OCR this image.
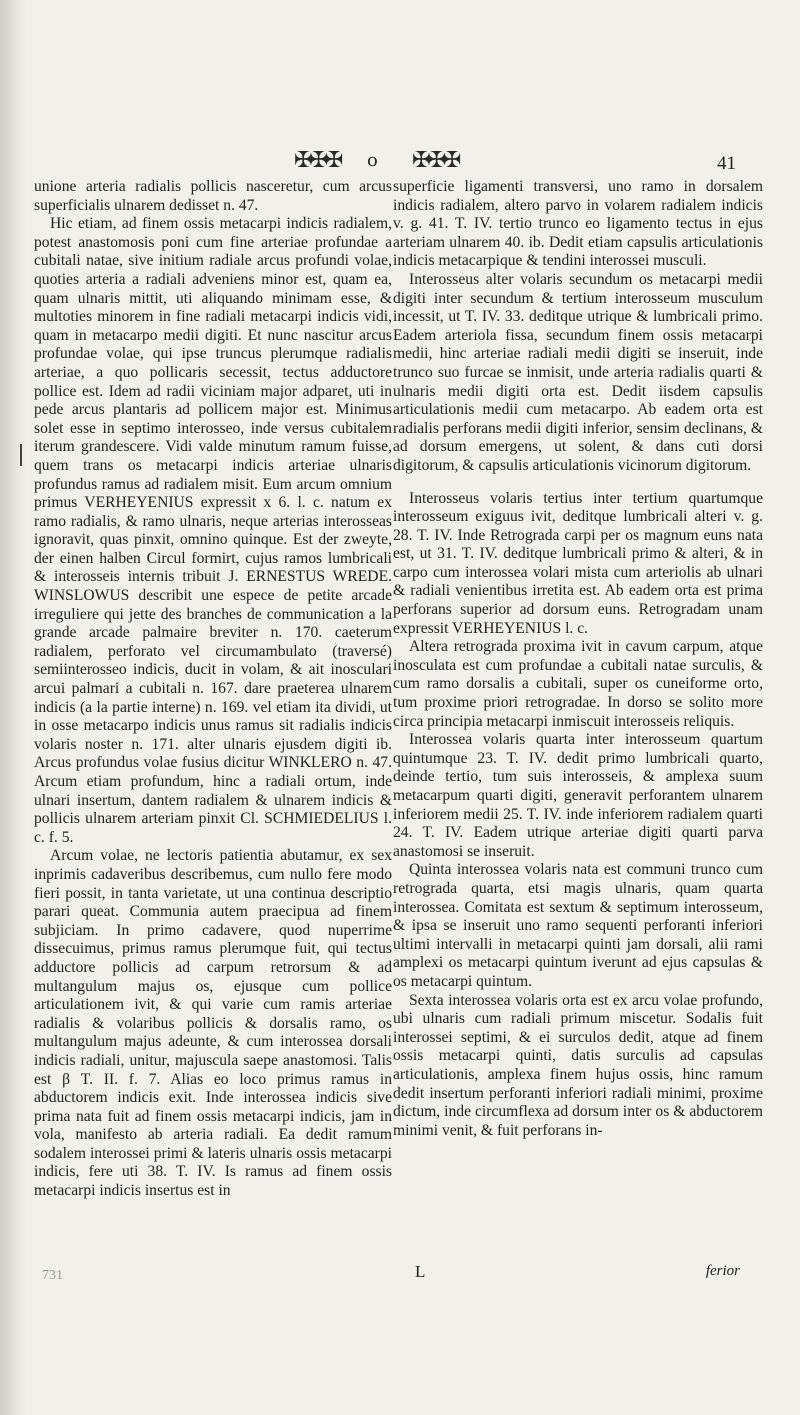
✠✠✠ o ✠✠✠	41

unione arteria radialis pollicis nasceretur, cum arcus superficialis ulnarem dedisset n. 47.

Hic etiam, ad finem ossis metacarpi indicis radialem, potest anastomosis poni cum fine arteriae profundae a cubitali natae, sive initium radiale arcus profundi volae, quoties arteria a radiali adveniens minor est, quam ea, quam ulnaris mittit, uti aliquando minimam esse, & multoties minorem in fine radiali metacarpi indicis vidi, quam in metacarpo medii digiti. Et nunc nascitur arcus profundae volae, qui ipse truncus plerumque radialis arteriae, a quo pollicaris secessit, tectus adductore pollice est. Idem ad radii viciniam major adparet, uti in pede arcus plantaris ad pollicem major est. Minimus solet esse in septimo interosseo, inde versus cubitalem iterum grandescere. Vidi valde minutum ramum fuisse, quem trans os metacarpi indicis arteriae ulnaris profundus ramus ad radialem misit. Eum arcum omnium primus VERHEYENIUS expressit x 6. l. c. natum ex ramo radialis, & ramo ulnaris, neque arterias interosseas ignoravit, quas pinxit, omnino quinque. Est der zweyte, der einen halben Circul formirt, cujus ramos lumbricali & interosseis internis tribuit J. ERNESTUS WREDE. WINSLOWUS describit une espece de petite arcade irreguliere qui jette des branches de communication a la grande arcade palmaire breviter n. 170. caeterum radialem, perforato vel circumambulato (traversé) semiinterosseo indicis, ducit in volam, & ait inosculari arcui palmari a cubitali n. 167. dare praeterea ulnarem indicis (a la partie interne) n. 169. vel etiam ita dividi, ut in osse metacarpo indicis unus ramus sit radialis indicis volaris noster n. 171. alter ulnaris ejusdem digiti ib. Arcus profundus volae fusius dicitur WINKLERO n. 47. Arcum etiam profundum, hinc a radiali ortum, inde ulnari insertum, dantem radialem & ulnarem indicis & pollicis ulnarem arteriam pinxit Cl. SCHMIEDELIUS l. c. f. 5.

Arcum volae, ne lectoris patientia abutamur, ex sex inprimis cadaveribus describemus, cum nullo fere modo fieri possit, in tanta varietate, ut una continua descriptio parari queat. Communia autem praecipua ad finem subjiciam. In primo cadavere, quod nuperrime dissecuimus, primus ramus plerumque fuit, qui tectus adductore pollicis ad carpum retrorsum & ad multangulum majus os, ejusque cum pollice articulationem ivit, & qui varie cum ramis arteriae radialis & volaribus pollicis & dorsalis ramo, os multangulum majus adeunte, & cum interossea dorsali indicis radiali, unitur, majuscula saepe anastomosi. Talis est β T. II. f. 7. Alias eo loco primus ramus in abductorem indicis exit. Inde interossea indicis sive prima nata fuit ad finem ossis metacarpi indicis, jam in vola, manifesto ab arteria radiali. Ea dedit ramum sodalem interossei primi & lateris ulnaris ossis metacarpi indicis, fere uti 38. T. IV. Is ramus ad finem ossis metacarpi indicis insertus est in

superficie ligamenti transversi, uno ramo in dorsalem indicis radialem, altero parvo in volarem radialem indicis v. g. 41. T. IV. tertio trunco eo ligamento tectus in ejus arteriam ulnarem 40. ib. Dedit etiam capsulis articulationis indicis metacarpique & tendini interossei musculi.

Interosseus alter volaris secundum os metacarpi medii digiti inter secundum & tertium interosseum musculum incessit, ut T. IV. 33. deditque utrique & lumbricali primo. Eadem arteriola fissa, secundum finem ossis metacarpi medii, hinc arteriae radiali medii digiti se inseruit, inde trunco suo furcae se inmisit, unde arteria radialis quarti & ulnaris medii digiti orta est. Dedit iisdem capsulis articulationis medii cum metacarpo. Ab eadem orta est radialis perforans medii digiti inferior, sensim declinans, & ad dorsum emergens, ut solent, & dans cuti dorsi digitorum, & capsulis articulationis vicinorum digitorum.

Interosseus volaris tertius inter tertium quartumque interosseum exiguus ivit, deditque lumbricali alteri v. g. 28. T. IV. Inde Retrograda carpi per os magnum euns nata est, ut 31. T. IV. deditque lumbricali primo & alteri, & in carpo cum interossea volari mista cum arteriolis ab ulnari & radiali venientibus irretita est. Ab eadem orta est prima perforans superior ad dorsum euns. Retrogradam unam expressit VERHEYENIUS l. c.

Altera retrograda proxima ivit in cavum carpum, atque inosculata est cum profundae a cubitali natae surculis, & cum ramo dorsalis a cubitali, super os cuneiforme orto, tum proxime priori retrogradae. In dorso se solito more circa principia metacarpi inmiscuit interosseis reliquis.

Interossea volaris quarta inter interosseum quartum quintumque 23. T. IV. dedit primo lumbricali quarto, deinde tertio, tum suis interosseis, & amplexa suum metacarpum quarti digiti, generavit perforantem ulnarem inferiorem medii 25. T. IV. inde inferiorem radialem quarti 24. T. IV. Eadem utrique arteriae digiti quarti parva anastomosi se inseruit.

Quinta interossea volaris nata est communi trunco cum retrograda quarta, etsi magis ulnaris, quam quarta interossea. Comitata est sextum & septimum interosseum, & ipsa se inseruit uno ramo sequenti perforanti inferiori ultimi intervalli in metacarpi quinti jam dorsali, alii rami amplexi os metacarpi quintum iverunt ad ejus capsulas & os metacarpi quintum.

Sexta interossea volaris orta est ex arcu volae profundo, ubi ulnaris cum radiali primum miscetur. Sodalis fuit interossei septimi, & ei surculos dedit, atque ad finem ossis metacarpi quinti, datis surculis ad capsulas articulationis, amplexa finem hujus ossis, hinc ramum dedit insertum perforanti inferiori radiali minimi, proxime dictum, inde circumflexa ad dorsum inter os & abductorem minimi venit, & fuit perforans in-

731	L	ferior
